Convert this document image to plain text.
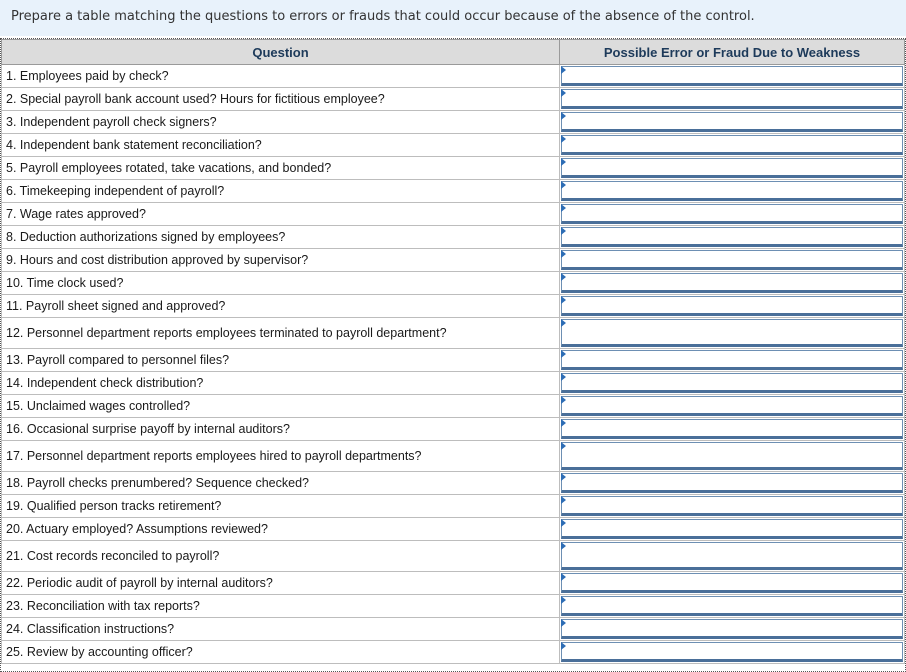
Prepare a table matching the questions to errors or frauds that could occur because of the absence of the control.
Question	Possible Error or Fraud Due to Weakness
1. Employees paid by check?	

2. Special payroll bank account used? Hours for fictitious employee?	

3. Independent payroll check signers?	

4. Independent bank statement reconciliation?	

5. Payroll employees rotated, take vacations, and bonded?	

6. Timekeeping independent of payroll?	

7. Wage rates approved?	

8. Deduction authorizations signed by employees?	

9. Hours and cost distribution approved by supervisor?	

10. Time clock used?	

11. Payroll sheet signed and approved?	

12. Personnel department reports employees terminated to payroll department?	

13. Payroll compared to personnel files?	

14. Independent check distribution?	

15. Unclaimed wages controlled?	

16. Occasional surprise payoff by internal auditors?	

17. Personnel department reports employees hired to payroll departments?	

18. Payroll checks prenumbered? Sequence checked?	

19. Qualified person tracks retirement?	

20. Actuary employed? Assumptions reviewed?	

21. Cost records reconciled to payroll?	

22. Periodic audit of payroll by internal auditors?	

23. Reconciliation with tax reports?	

24. Classification instructions?	

25. Review by accounting officer?	
